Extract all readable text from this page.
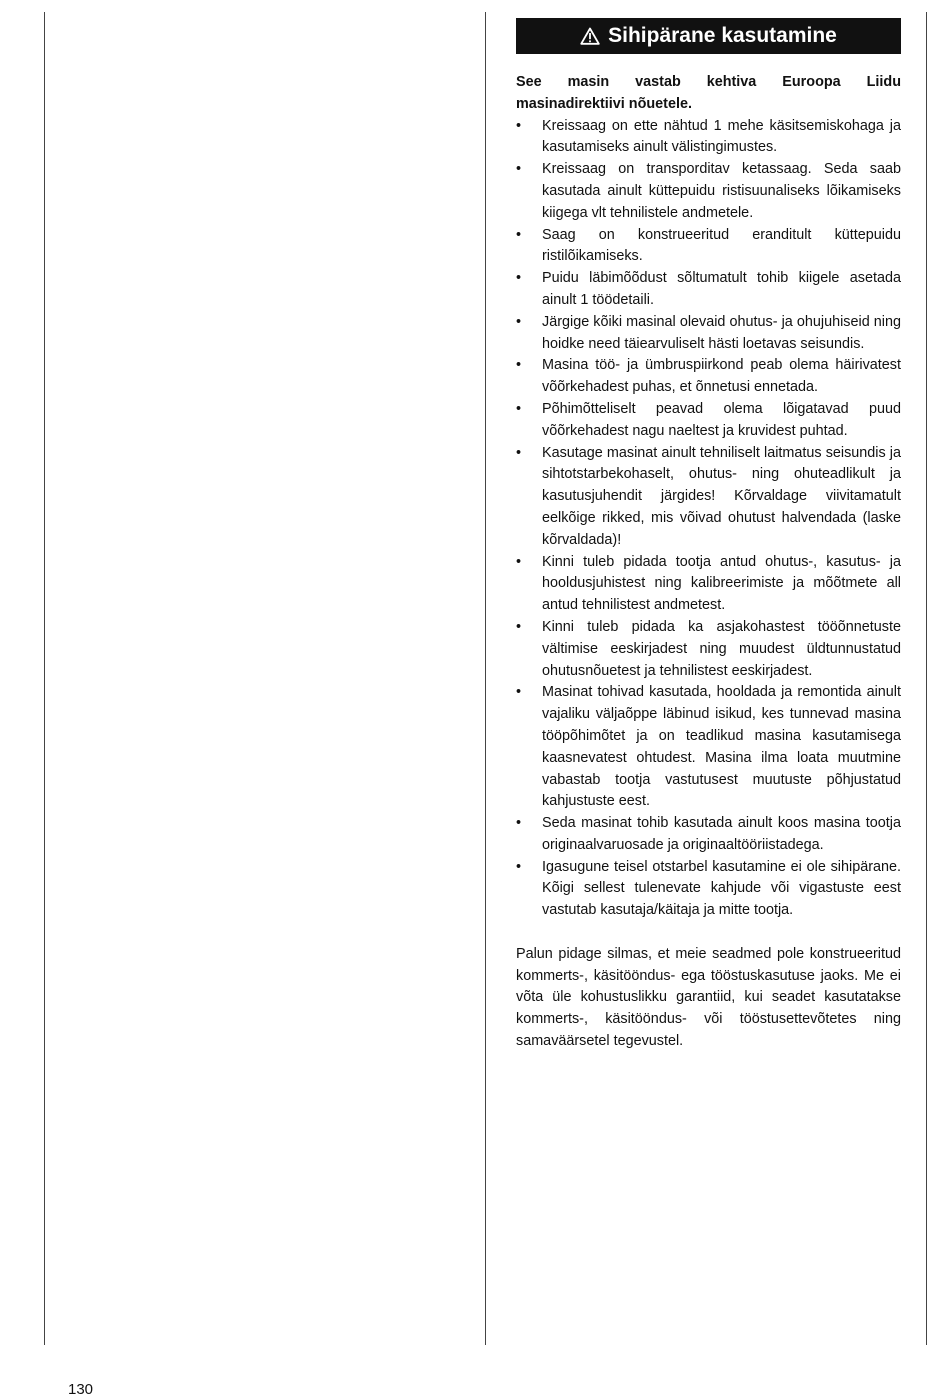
Sihipärane kasutamine

See masin vastab kehtiva Euroopa Liidu masinadirektiivi nõuetele.

• Kreissaag on ette nähtud 1 mehe käsitsemiskohaga ja kasutamiseks ainult välistingimustes.
• Kreissaag on transporditav ketassaag. Seda saab kasutada ainult küttepuidu ristisuunaliseks lõikamiseks kiigega vlt tehnilistele andmetele.
• Saag on konstrueeritud eranditult küttepuidu ristilõikamiseks.
• Puidu läbimõõdust sõltumatult tohib kiigele asetada ainult 1 töödetaili.
• Järgige kõiki masinal olevaid ohutus- ja ohujuhiseid ning hoidke need täiearvuliselt hästi loetavas seisundis.
• Masina töö- ja ümbruspiirkond peab olema häirivatest võõrkehadest puhas, et õnnetusi ennetada.
• Põhimõtteliselt peavad olema lõigatavad puud võõrkehadest nagu naeltest ja kruvidest puhtad.
• Kasutage masinat ainult tehniliselt laitmatus seisundis ja sihtotstarbekohaselt, ohutus- ning ohuteadlikult ja kasutusjuhendit järgides! Kõrvaldage viivitamatult eelkõige rikked, mis võivad ohutust halvendada (laske kõrvaldada)!
• Kinni tuleb pidada tootja antud ohutus-, kasutus- ja hooldusjuhistest ning kalibreerimiste ja mõõtmete all antud tehnilistest andmetest.
• Kinni tuleb pidada ka asjakohastest tööõnnetuste vältimise eeskirjadest ning muudest üldtunnustatud ohutusnõuetest ja tehnilistest eeskirjadest.
• Masinat tohivad kasutada, hooldada ja remontida ainult vajaliku väljaõppe läbinud isikud, kes tunnevad masina tööpõhimõtet ja on teadlikud masina kasutamisega kaasnevatest ohtudest. Masina ilma loata muutmine vabastab tootja vastutusest muutuste põhjustatud kahjustuste eest.
• Seda masinat tohib kasutada ainult koos masina tootja originaalvaruosade ja originaaltööriistadega.
• Igasugune teisel otstarbel kasutamine ei ole sihipärane. Kõigi sellest tulenevate kahjude või vigastuste eest vastutab kasutaja/käitaja ja mitte tootja.

Palun pidage silmas, et meie seadmed pole konstrueeritud kommerts-, käsitööndus- ega tööstuskasutuse jaoks. Me ei võta üle kohustuslikku garantiid, kui seadet kasutatakse kommerts-, käsitööndus- või tööstusettevõtetes ning samaväärsetel tegevustel.

130
